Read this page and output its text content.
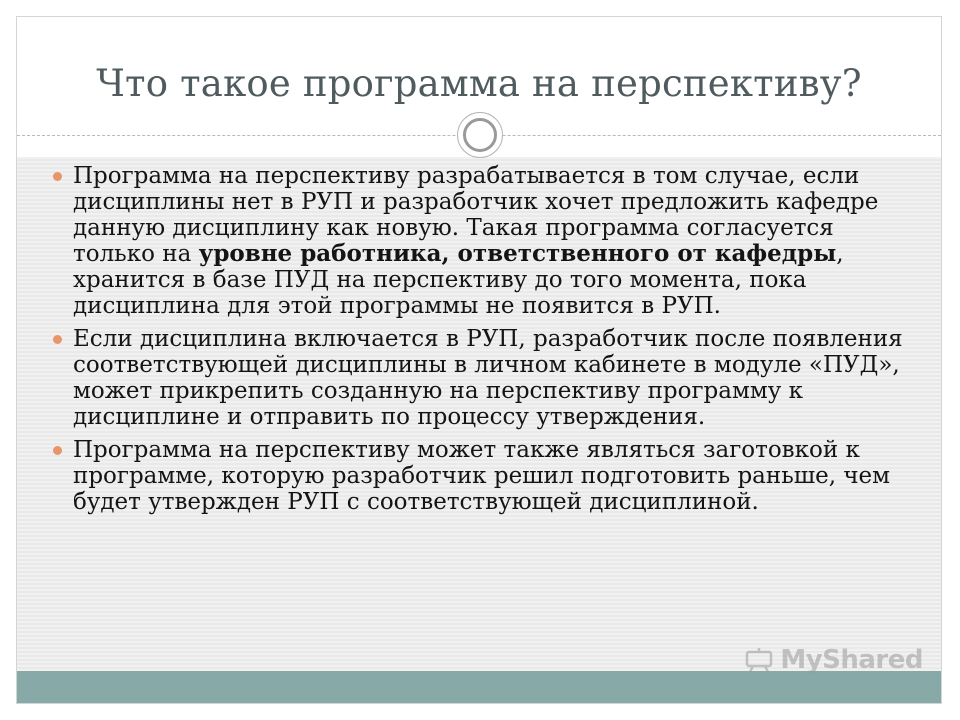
Что такое программа на перспективу?
Программа на перспективу разрабатывается в том случае, если дисциплины нет в РУП и разработчик хочет предложить кафедре данную дисциплину как новую. Такая программа согласуется только на уровне работника, ответственного от кафедры, хранится в базе ПУД на перспективу до того момента, пока дисциплина для этой программы не появится в РУП.
Если дисциплина включается в РУП, разработчик после появления соответствующей дисциплины в личном кабинете в модуле «ПУД», может прикрепить созданную на перспективу программу к дисциплине и отправить по процессу утверждения.
Программа на перспективу может также являться заготовкой к программе, которую разработчик решил подготовить раньше, чем будет утвержден РУП с соответствующей дисциплиной.
MyShared
